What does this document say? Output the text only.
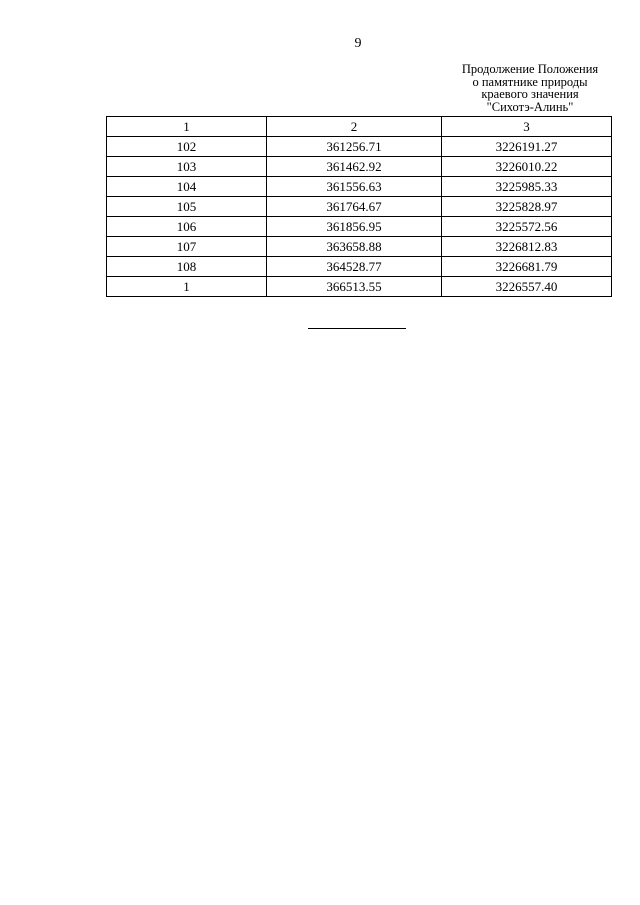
9
Продолжение Положения
о памятнике природы
краевого значения
"Сихотэ-Алинь"
1	2	3
102	361256.71	3226191.27
103	361462.92	3226010.22
104	361556.63	3225985.33
105	361764.67	3225828.97
106	361856.95	3225572.56
107	363658.88	3226812.83
108	364528.77	3226681.79
1	366513.55	3226557.40
